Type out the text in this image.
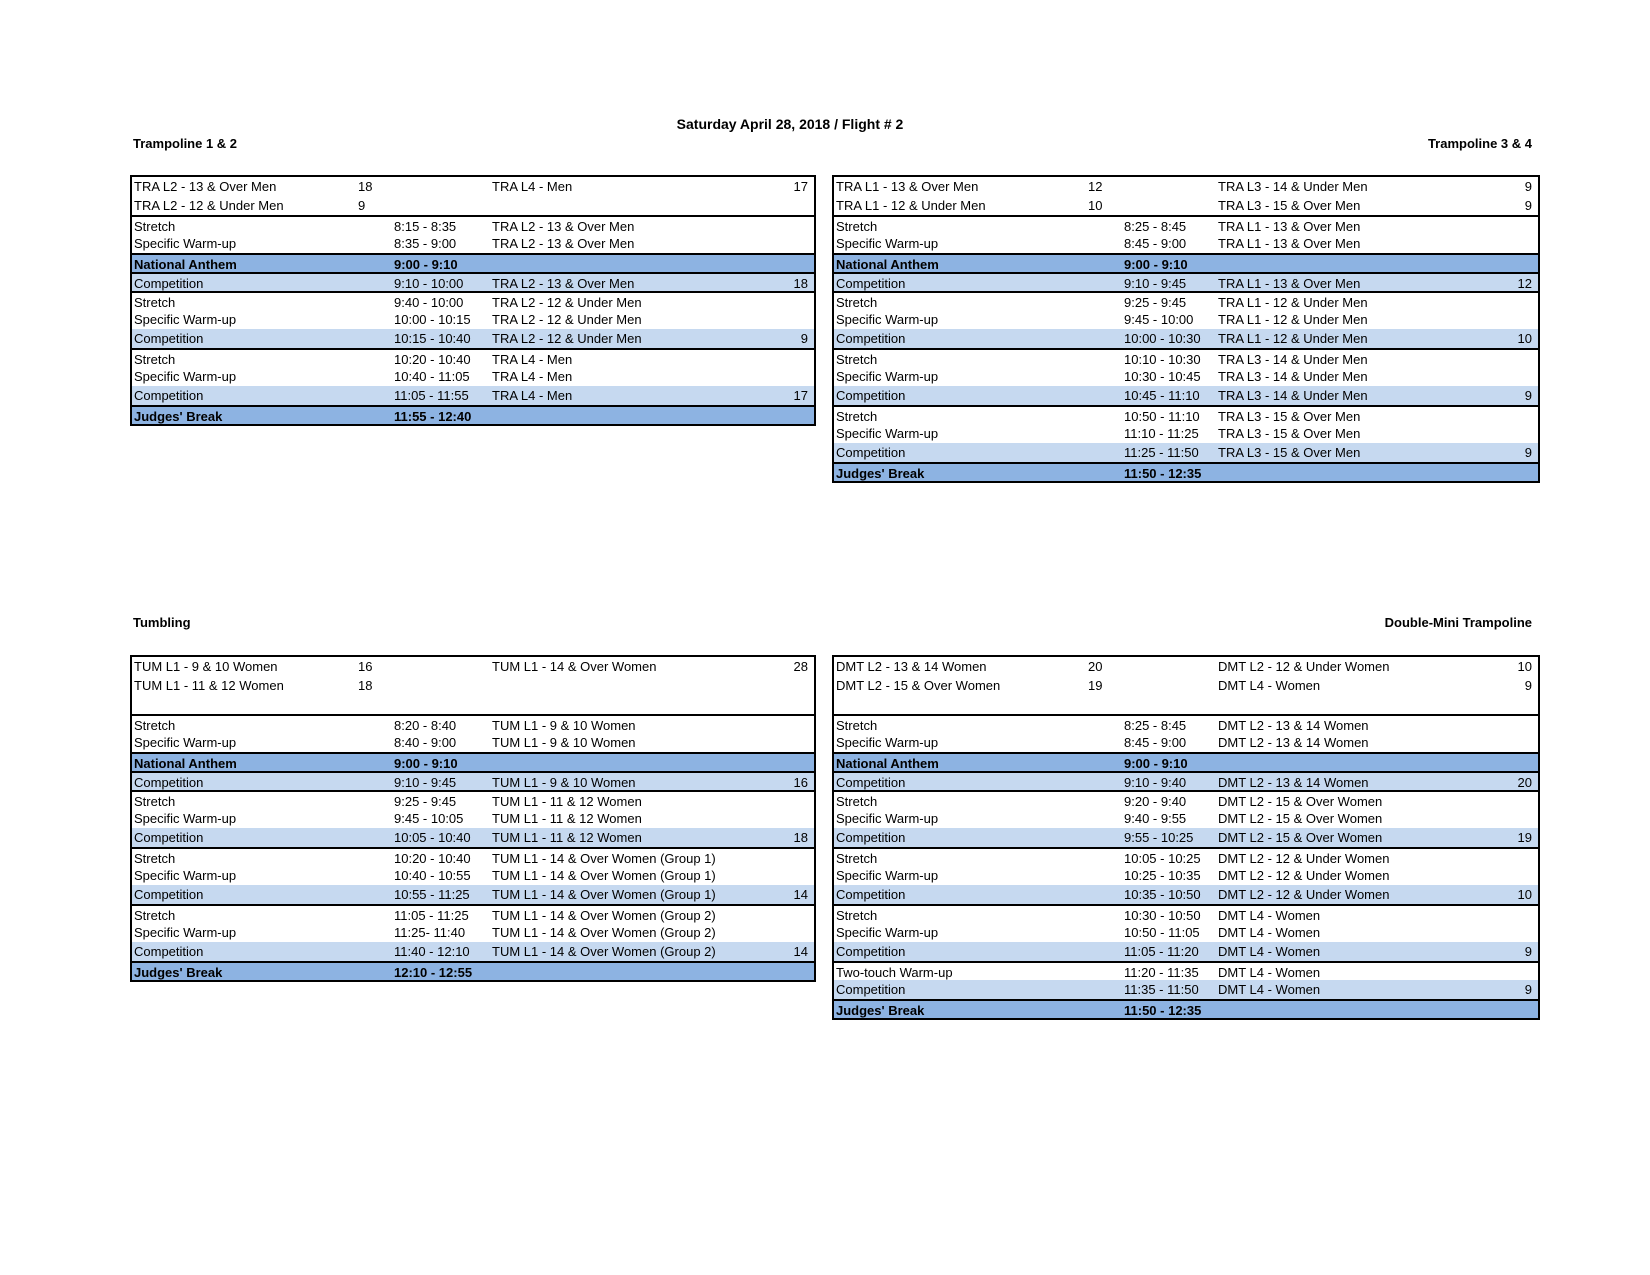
Saturday April 28, 2018 / Flight # 2
Trampoline 1 & 2
TRA L2 - 13 & Over Men	18	TRA L4 - Men	17
TRA L2 - 12 & Under Men	9
Stretch	8:15 - 8:35	TRA L2 - 13 & Over Men
Specific Warm-up	8:35 - 9:00	TRA L2 - 13 & Over Men
National Anthem	9:00 - 9:10
Competition	9:10 - 10:00 TRA L2 - 13 & Over Men	18
Stretch	9:40 - 10:00 TRA L2 - 12 & Under Men
Specific Warm-up	10:00 - 10:15 TRA L2 - 12 & Under Men
Competition	10:15 - 10:40 TRA L2 - 12 & Under Men	9
Stretch	10:20 - 10:40 TRA L4 - Men
Specific Warm-up	10:40 - 11:05 TRA L4 - Men
Competition	11:05 - 11:55 TRA L4 - Men	17
Judges' Break	11:55 - 12:40
Trampoline 3 & 4
TRA L1 - 13 & Over Men	12	TRA L3 - 14 & Under Men	9
TRA L1 - 12 & Under Men	10	TRA L3 - 15 & Over Men	9
Stretch	8:25 - 8:45 TRA L1 - 13 & Over Men
Specific Warm-up	8:45 - 9:00 TRA L1 - 13 & Over Men
National Anthem	9:00 - 9:10
Competition	9:10 - 9:45 TRA L1 - 13 & Over Men	12
Stretch	9:25 - 9:45 TRA L1 - 12 & Under Men
Specific Warm-up	9:45 - 10:00 TRA L1 - 12 & Under Men
Competition	10:00 - 10:30 TRA L1 - 12 & Under Men	10
Stretch	10:10 - 10:30 TRA L3 - 14 & Under Men
Specific Warm-up	10:30 - 10:45 TRA L3 - 14 & Under Men
Competition	10:45 - 11:10 TRA L3 - 14 & Under Men	9
Stretch	10:50 - 11:10 TRA L3 - 15 & Over Men
Specific Warm-up	11:10 - 11:25 TRA L3 - 15 & Over Men
Competition	11:25 - 11:50 TRA L3 - 15 & Over Men	9
Judges' Break	11:50 - 12:35
Tumbling
TUM L1 - 9 & 10 Women	16	TUM L1 - 14 & Over Women	28
TUM L1 - 11 & 12 Women	18
Stretch	8:20 - 8:40	TUM L1 - 9 & 10 Women
Specific Warm-up	8:40 - 9:00	TUM L1 - 9 & 10 Women
National Anthem	9:00 - 9:10
Competition	9:10 - 9:45	TUM L1 - 9 & 10 Women	16
Stretch	9:25 - 9:45	TUM L1 - 11 & 12 Women
Specific Warm-up	9:45 - 10:05 TUM L1 - 11 & 12 Women
Competition	10:05 - 10:40 TUM L1 - 11 & 12 Women	18
Stretch	10:20 - 10:40 TUM L1 - 14 & Over Women (Group 1)
Specific Warm-up	10:40 - 10:55 TUM L1 - 14 & Over Women (Group 1)
Competition	10:55 - 11:25 TUM L1 - 14 & Over Women (Group 1)	14
Stretch	11:05 - 11:25 TUM L1 - 14 & Over Women (Group 2)
Specific Warm-up	11:25- 11:40 TUM L1 - 14 & Over Women (Group 2)
Competition	11:40 - 12:10 TUM L1 - 14 & Over Women (Group 2)	14
Judges' Break	12:10 - 12:55
Double-Mini Trampoline
DMT L2 - 13 & 14 Women	20	DMT L2 - 12 & Under Women	10
DMT L2 - 15 & Over Women	19	DMT L4 - Women	9
Stretch	8:25 - 8:45 DMT L2 - 13 & 14 Women
Specific Warm-up	8:45 - 9:00 DMT L2 - 13 & 14 Women
National Anthem	9:00 - 9:10
Competition	9:10 - 9:40 DMT L2 - 13 & 14 Women	20
Stretch	9:20 - 9:40 DMT L2 - 15 & Over Women
Specific Warm-up	9:40 - 9:55 DMT L2 - 15 & Over Women
Competition	9:55 - 10:25 DMT L2 - 15 & Over Women	19
Stretch	10:05 - 10:25 DMT L2 - 12 & Under Women
Specific Warm-up	10:25 - 10:35 DMT L2 - 12 & Under Women
Competition	10:35 - 10:50 DMT L2 - 12 & Under Women	10
Stretch	10:30 - 10:50 DMT L4 - Women
Specific Warm-up	10:50 - 11:05 DMT L4 - Women
Competition	11:05 - 11:20 DMT L4 - Women	9
Two-touch Warm-up	11:20 - 11:35 DMT L4 - Women
Competition	11:35 - 11:50 DMT L4 - Women	9
Judges' Break	11:50 - 12:35
